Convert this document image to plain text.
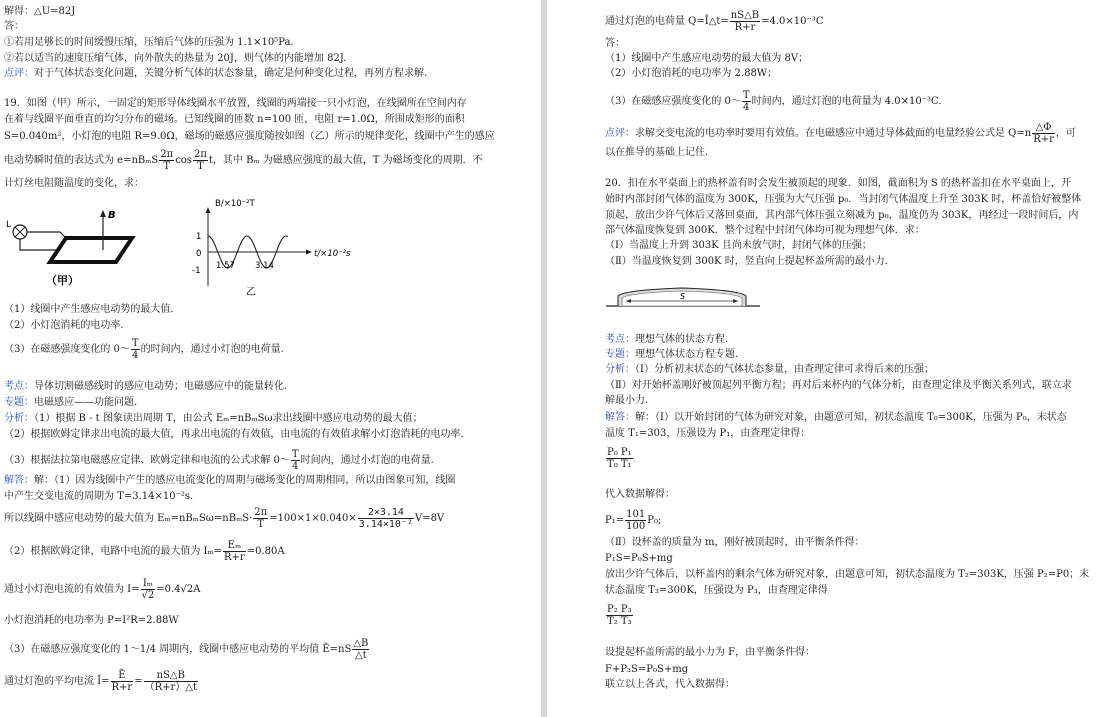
解得：△U=82J
答：
①若用足够长的时间缓慢压缩，压缩后气体的压强为 1.1×10⁵Pa.
②若以适当的速度压缩气体，向外散失的热量为 20J，则气体的内能增加 82J.
点评：对于气体状态变化问题，关键分析气体的状态参量，确定是何种变化过程，再列方程求解.
19．如图（甲）所示，一固定的矩形导体线圈水平放置，线圈的两端接一只小灯泡，在线圈所在空间内存
在着与线圈平面垂直的均匀分布的磁场。已知线圈的匝数 n=100 匝，电阻 r=1.0Ω，所围成矩形的面积
S=0.040m²，小灯泡的电阻 R=9.0Ω，磁场的磁感应强度随按如图（乙）所示的规律变化，线圈中产生的感应
电动势瞬时值的表达式为 $e=nB_mS \frac{2\pi}{T}$ $\cos \frac{2\pi}{T}$ t，其中 Bₘ 为磁感应强度的最大值，T 为磁场变化的周期．不
计灯丝电阻随温度的变化，求：
L
B
（甲）
B/×10⁻²T
t/×10⁻²s
1
0
-1 1.57 3.14
乙
（1）线圈中产生感应电动势的最大值.
（2）小灯泡消耗的电功率.
（3）在磁感强度变化的 0～ $\frac{T}{4}$ 的时间内，通过小灯泡的电荷量.
考点：导体切割磁感线时的感应电动势；电磁感应中的能量转化.
专题：电磁感应——功能问题.
分析：（1）根据 B - t 图象读出周期 T，由公式 Eₘ=nBₘSω求出线圈中感应电动势的最大值；
（2）根据欧姆定律求出电流的最大值，再求出电流的有效值，由电流的有效值求解小灯泡消耗的电功率.
（3）根据法拉第电磁感应定律、欧姆定律和电流的公式求解 0～ $\frac{T}{4}$ 时间内，通过小灯泡的电荷量.
解答：解：（1）因为线圈中产生的感应电流变化的周期与磁场变化的周期相同，所以由图象可知，线圈
中产生交变电流的周期为 T=3.14×10⁻²s.
所以线圈中感应电动势的最大值为 $E_m=nB_mS\omega=nB_mS\cdot \frac{2\pi}{T} =100\times 1\times 0.040\times \frac{2\times 3.14}{\text{3.14×10⁻²}} V=8V$
（2）根据欧姆定律，电路中电流的最大值为 $I_m= \frac{\text{Eₘ}}{R+r} =0.80A$
通过小灯泡电流的有效值为 $I= \frac{\text{Iₘ}}{√2} =0.4√2A$
小灯泡消耗的电功率为 P=I²R=2.88W
（3）在磁感应强度变化的 1～1/4 周期内，线圈中感应电动势的平均值 Ē=nS $\frac{\triangle B}{\triangle t}$
通过灯泡的平均电流 Ī= $\frac{Ē}{R+r} = \frac{nS\triangle B}{(R+r)\triangle t}$
通过灯泡的电荷量 Q=Ī△t= $\frac{nS\triangle B}{R+r} =4.0\times 10^{-3}C$
答：
（1）线圈中产生感应电动势的最大值为 8V；
（2）小灯泡消耗的电功率为 2.88W；
（3）在磁感应强度变化的 0～ $\frac{T}{4}$ 时间内，通过灯泡的电荷量为 4.0×10⁻³C.
点评：求解交变电流的电功率时要用有效值。在电磁感应中通过导体截面的电量经验公式是 $Q=n \frac{\triangle\Phi}{R+r}$ ，可
以在推导的基础上记住.
20．扣在水平桌面上的热杯盖有时会发生被顶起的现象．如图，截面积为 S 的热杯盖扣在水平桌面上，开
始时内部封闭气体的温度为 300K，压强为大气压强 p₀．当封闭气体温度上升至 303K 时，杯盖恰好被整体
顶起，放出少许气体后又落回桌面，其内部气体压强立刻减为 p₀，温度仍为 303K，再经过一段时间后，内
部气体温度恢复到 300K．整个过程中封闭气体均可视为理想气体．求：
（Ⅰ）当温度上升到 303K 且尚未放气时，封闭气体的压强；
（Ⅱ）当温度恢复到 300K 时，竖直向上提起杯盖所需的最小力.
S
考点：理想气体的状态方程.
专题：理想气体状态方程专题.
分析：（Ⅰ）分析初末状态的气体状态参量，由查理定律可求得后来的压强；
（Ⅱ）对开始杯盖刚好被顶起列平衡方程；再对后来杯内的气体分析，由查理定律及平衡关系列式，联立求
解最小力.
解答：解：（Ⅰ）以开始封闭的气体为研究对象，由题意可知，初状态温度 T₀=300K，压强为 P₀，末状态
温度 T₁=303，压强设为 P₁，由查理定律得：
$\frac{\text{P₀ P₁}}{\text{T₀ T₁}}$
代入数据解得：
$P_1= \frac{101}{100} P_0$;
（Ⅱ）设杯盖的质量为 m，刚好被顶起时，由平衡条件得：
P₁S=P₀S+mg
放出少许气体后，以杯盖内的剩余气体为研究对象，由题意可知，初状态温度为 T₂=303K，压强 P₂=P0；末
状态温度 T₃=300K，压强设为 P₃，由查理定律得
$\frac{\text{P₂ P₃}}{\text{T₂ T₃}}$
设提起杯盖所需的最小力为 F，由平衡条件得：
F+P₃S=P₀S+mg
联立以上各式，代入数据得：
